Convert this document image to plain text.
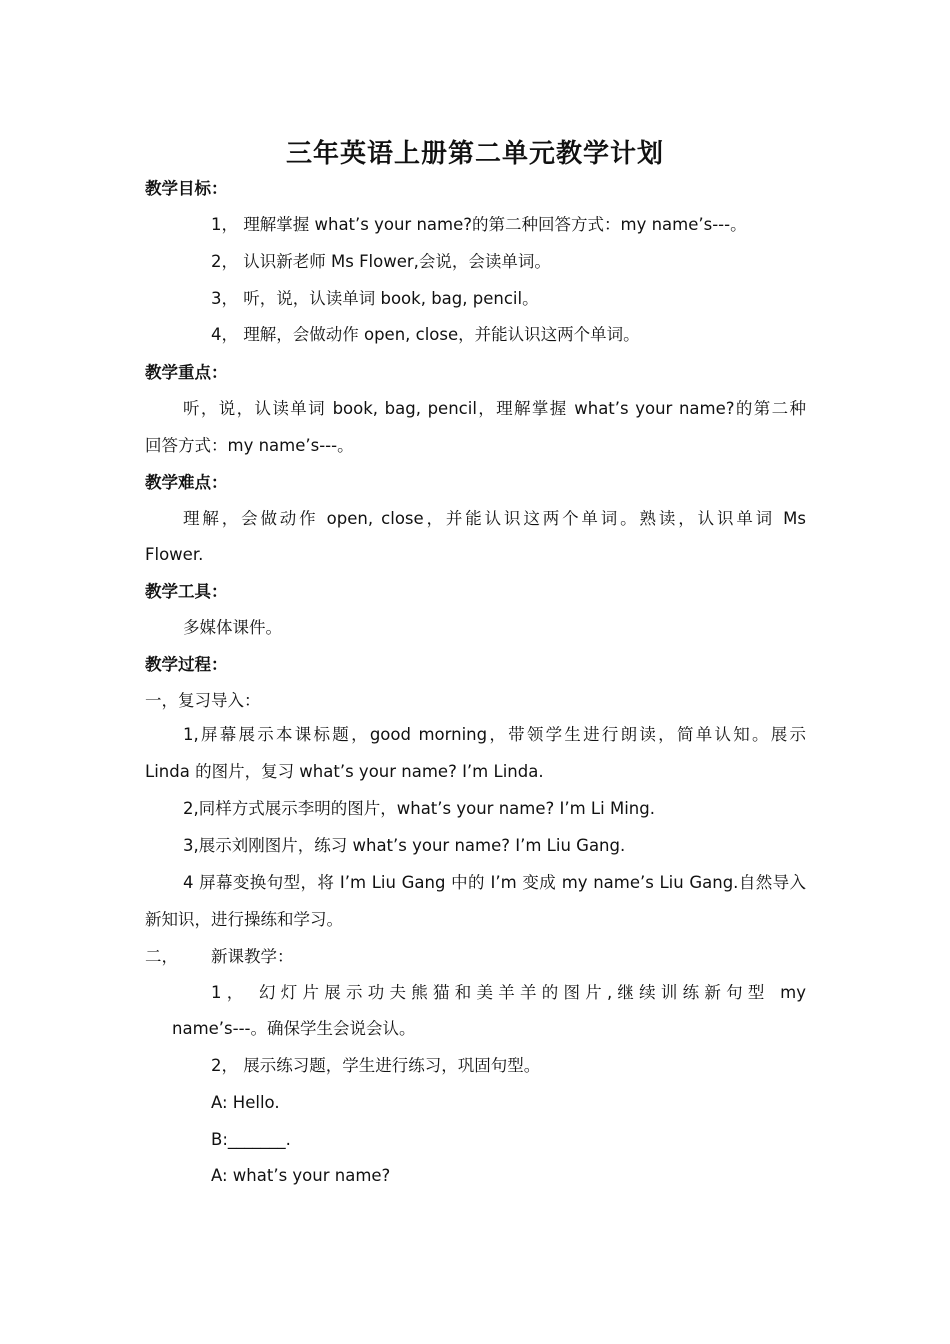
三年英语上册第二单元教学计划
教学目标：
1， 理解掌握 what’s your name?的第二种回答方式：my name’s---。
2， 认识新老师 Ms Flower,会说，会读单词。
3， 听，说，认读单词 book, bag, pencil。
4， 理解，会做动作 open, close，并能认识这两个单词。
教学重点：
听，说，认读单词 book, bag, pencil，理解掌握 what’s your name?的第二种
回答方式：my name’s---。
教学难点：
理解，会做动作 open, close，并能认识这两个单词。熟读，认识单词 Ms
Flower.
教学工具：
多媒体课件。
教学过程：
一，复习导入：
1,屏幕展示本课标题，good morning，带领学生进行朗读，简单认知。展示
Linda 的图片，复习 what’s your name? I’m Linda.
2,同样方式展示李明的图片，what’s your name? I’m Li Ming.
3,展示刘刚图片，练习 what’s your name? I’m Liu Gang.
4 屏幕变换句型，将 I’m Liu Gang 中的 I’m 变成 my name’s Liu Gang.自然导入
新知识，进行操练和学习。
二， 新课教学：
1， 幻灯片展示功夫熊猫和美羊羊的图片,继续训练新句型 my
name’s---。确保学生会说会认。
2， 展示练习题，学生进行练习，巩固句型。
A: Hello.
B:_______.
A: what’s your name?
